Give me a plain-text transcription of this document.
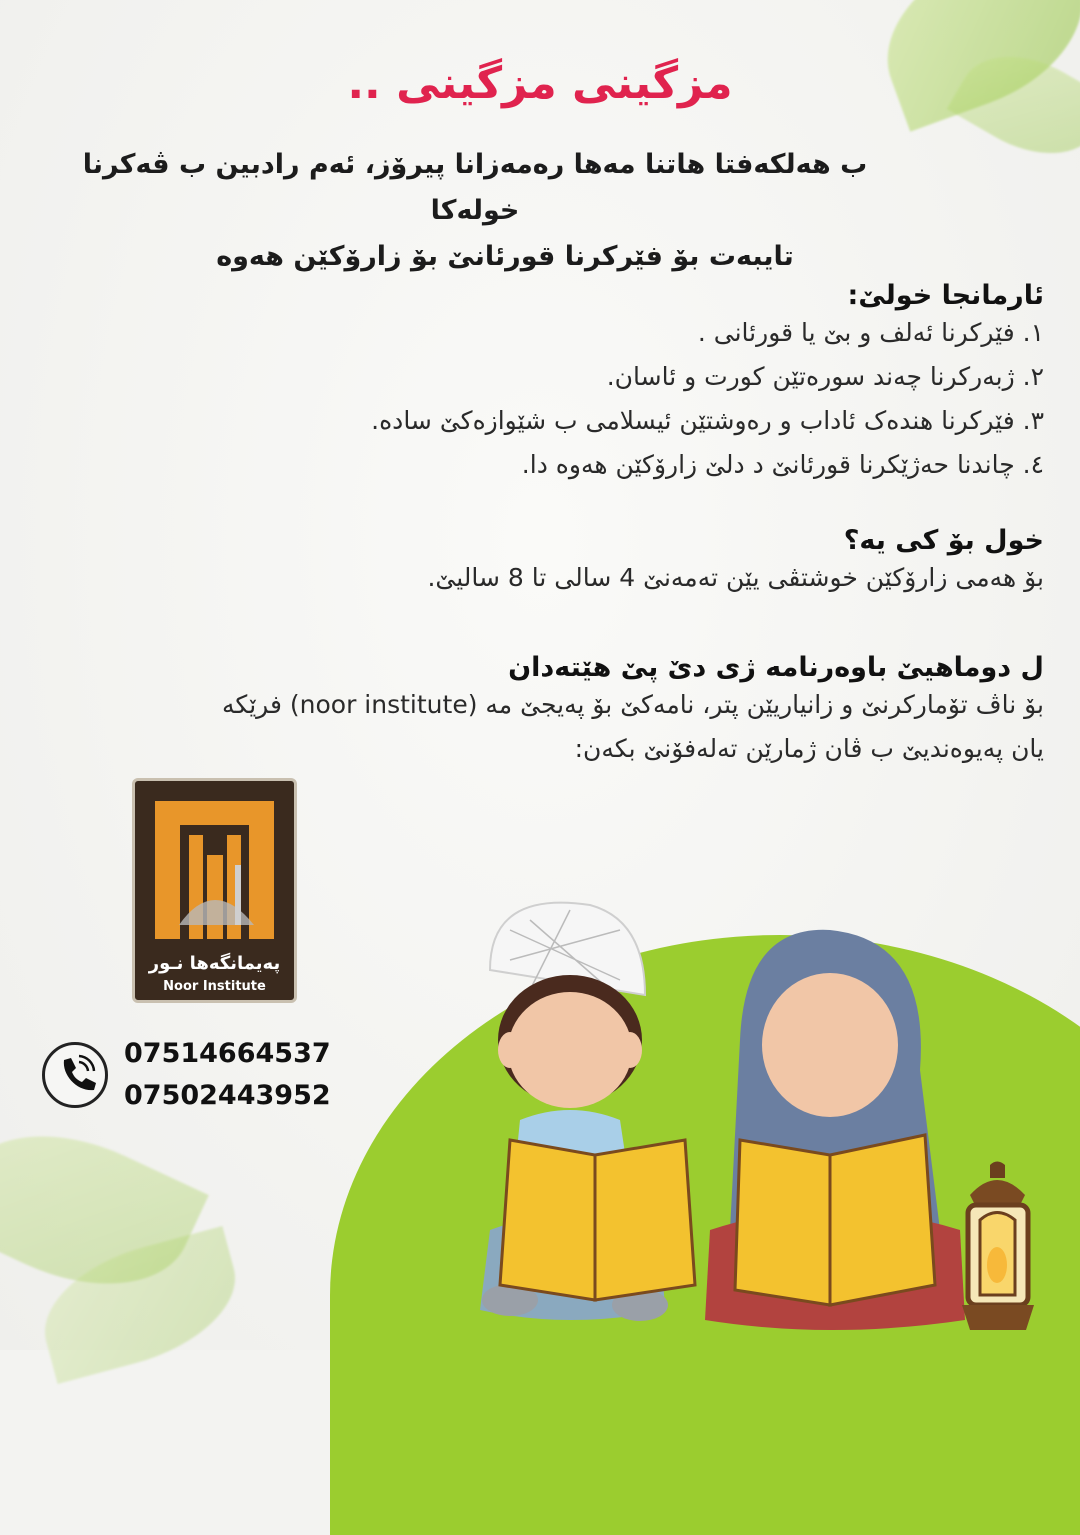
مزگینی مزگینی ..
ب هەلکەفتا هاتنا مەها رەمەزانا پیرۆز، ئەم رادبین ب ڤەکرنا خولەکا
تایبەت بۆ فێرکرنا قورئانێ بۆ زارۆکێن هەوە
ئارمانجا خولێ:
١. فێرکرنا ئەلف و بێ یا قورئانی .
٢. ژبەرکرنا چەند سورەتێن کورت و ئاسان.
٣. فێرکرنا هندەک ئاداب و رەوشتێن ئیسلامی ب شێوازەکێ سادە.
٤. چاندنا حەژێکرنا قورئانێ د دلێ زارۆکێن هەوە دا.
خول بۆ کی یە؟
بۆ هەمی زارۆکێن خوشتڤی یێن تەمەنێ 4 سالی تا 8 سالیێ.
ل دوماهیێ باوەرنامە ژی دێ پێ هێتەدان
بۆ ناڤ تۆمارکرنێ و زانیاریێن پتر، نامەکێ بۆ پەیجێ مە (noor institute) فرێکە
یان پەیوەندیێ ب ڤان ژمارێن تەلەفۆنێ بکەن:
پەیمانگەها نـور
Noor Institute
07514664537
07502443952
